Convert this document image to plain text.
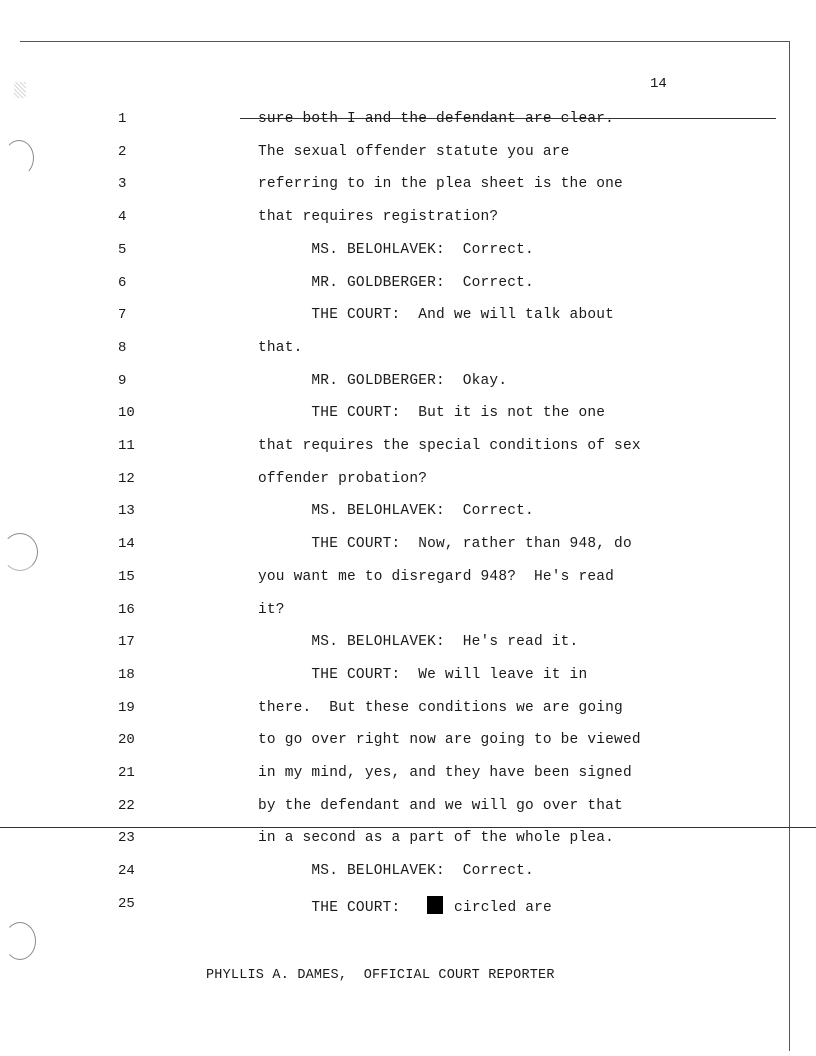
14
1	sure both I and the defendant are clear.
2	The sexual offender statute you are
3	referring to in the plea sheet is the one
4	that requires registration?
5	MS. BELOHLAVEK:  Correct.
6	MR. GOLDBERGER:  Correct.
7	THE COURT:  And we will talk about
8	that.
9	MR. GOLDBERGER:  Okay.
10	THE COURT:  But it is not the one
11	that requires the special conditions of sex
12	offender probation?
13	MS. BELOHLAVEK:  Correct.
14	THE COURT:  Now, rather than 948, do
15	you want me to disregard 948?  He's read
16	it?
17	MS. BELOHLAVEK:  He's read it.
18	THE COURT:  We will leave it in
19	there.  But these conditions we are going
20	to go over right now are going to be viewed
21	in my mind, yes, and they have been signed
22	by the defendant and we will go over that
23	in a second as a part of the whole plea.
24	MS. BELOHLAVEK:  Correct.
25	THE COURT:    circled are
PHYLLIS A. DAMES,  OFFICIAL COURT REPORTER
